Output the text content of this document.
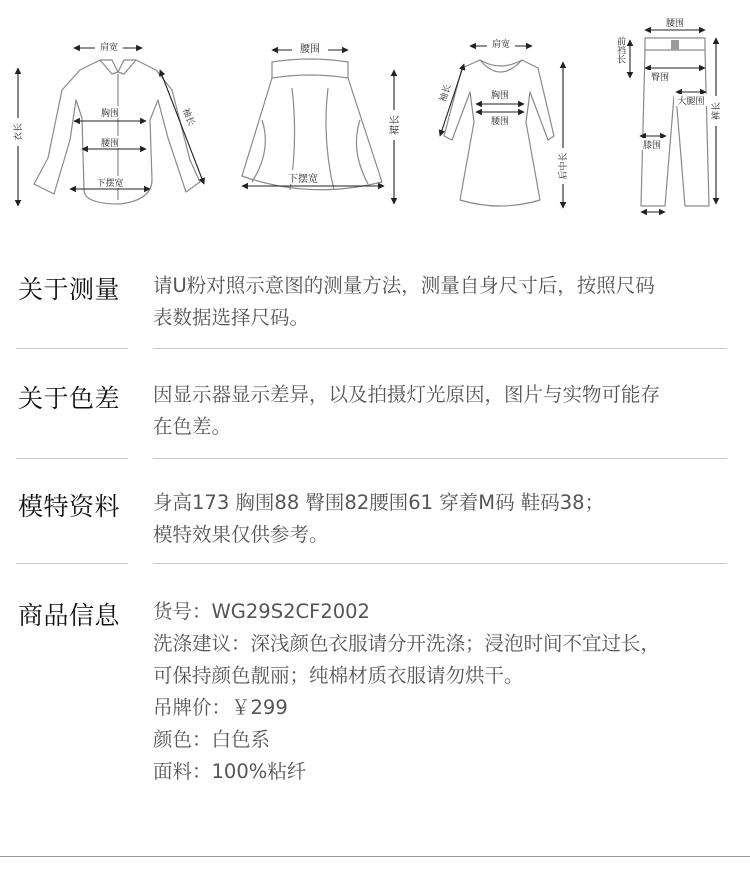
肩宽
胸围
腰围
下摆宽
衣长
袖长
腰围
下摆宽
裙长
肩宽
袖长	胸围
腰围
后中长
腰围
前裆长
臀围
大腿围
膝围
裤长
关于测量 请U粉对照示意图的测量方法，测量自身尺寸后，按照尺码
表数据选择尺码。
关于色差 因显示器显示差异，以及拍摄灯光原因，图片与实物可能存
在色差。
模特资料 身高173 胸围88 臀围82腰围61 穿着M码 鞋码38；
模特效果仅供参考。
商品信息 货号：WG29S2CF2002
洗涤建议：深浅颜色衣服请分开洗涤；浸泡时间不宜过长，
可保持颜色靓丽；纯棉材质衣服请勿烘干。
吊牌价：￥299
颜色：白色系
面料：100%粘纤
